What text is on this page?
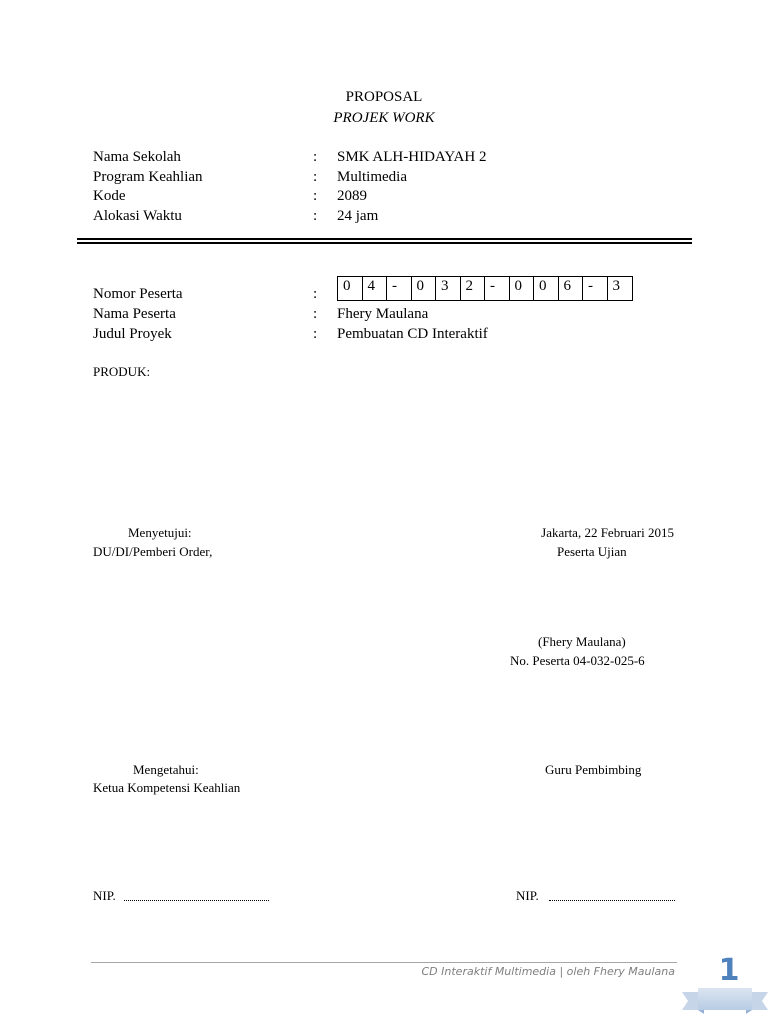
PROPOSAL
PROJEK WORK
Nama Sekolah	: SMK ALH-HIDAYAH 2
Program Keahlian	: Multimedia
Kode	: 2089
Alokasi Waktu	: 24 jam
Nomor Peserta	:	0	4	-	0	3	2	-	0	0	6	-	3
Nama Peserta	: Fhery Maulana
Judul Proyek	: Pembuatan CD Interaktif
PRODUK:
Menyetujui:
DU/DI/Pemberi Order,
Jakarta, 22 Februari 2015
Peserta Ujian
(Fhery Maulana)
No. Peserta 04-032-025-6
Mengetahui:
Ketua Kompetensi Keahlian
Guru Pembimbing
NIP.	NIP.
CD Interaktif Multimedia | oleh Fhery Maulana 1
